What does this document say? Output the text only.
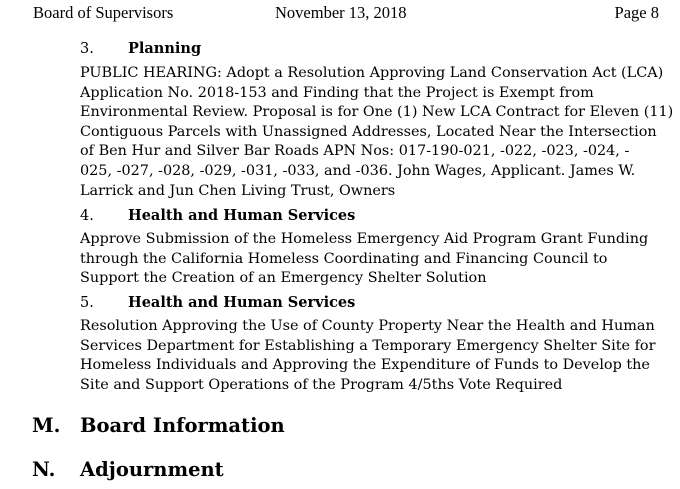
Board of Supervisors	November 13, 2018	Page 8
3. Planning
PUBLIC HEARING: Adopt a Resolution Approving Land Conservation Act (LCA)
Application No. 2018-153 and Finding that the Project is Exempt from
Environmental Review. Proposal is for One (1) New LCA Contract for Eleven (11)
Contiguous Parcels with Unassigned Addresses, Located Near the Intersection
of Ben Hur and Silver Bar Roads APN Nos: 017-190-021, -022, -023, -024, -
025, -027, -028, -029, -031, -033, and -036. John Wages, Applicant. James W.
Larrick and Jun Chen Living Trust, Owners
4. Health and Human Services
Approve Submission of the Homeless Emergency Aid Program Grant Funding
through the California Homeless Coordinating and Financing Council to
Support the Creation of an Emergency Shelter Solution
5. Health and Human Services
Resolution Approving the Use of County Property Near the Health and Human
Services Department for Establishing a Temporary Emergency Shelter Site for
Homeless Individuals and Approving the Expenditure of Funds to Develop the
Site and Support Operations of the Program 4/5ths Vote Required
M. Board Information
N. Adjournment
